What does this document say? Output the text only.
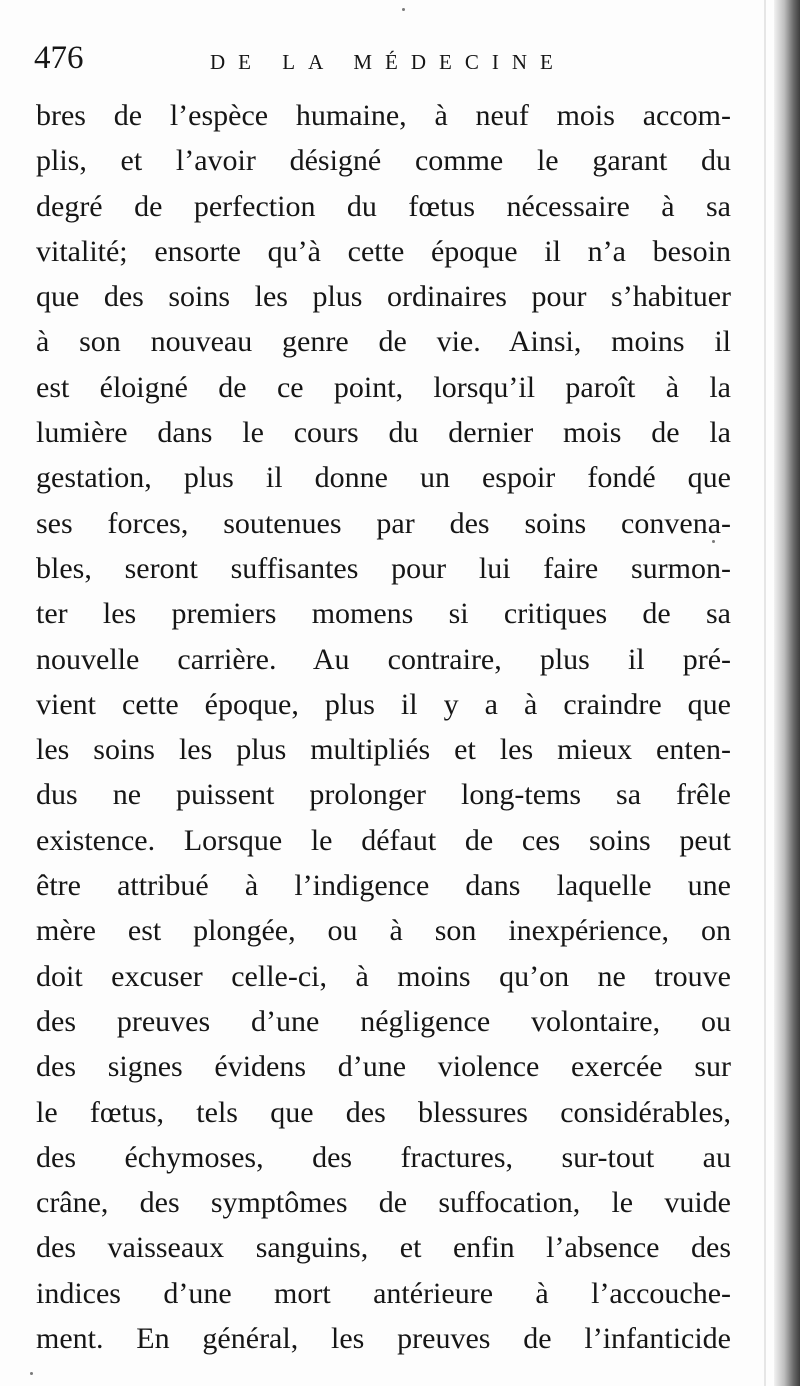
476	DE LA MÉDECINE
bres de l’espèce humaine, à neuf mois accom-
plis, et l’avoir désigné comme le garant du
degré de perfection du fœtus nécessaire à sa
vitalité; ensorte qu’à cette époque il n’a besoin
que des soins les plus ordinaires pour s’habituer
à son nouveau genre de vie. Ainsi, moins il
est éloigné de ce point, lorsqu’il paroît à la
lumière dans le cours du dernier mois de la
gestation, plus il donne un espoir fondé que
ses forces, soutenues par des soins convena-
bles, seront suffisantes pour lui faire surmon-
ter les premiers momens si critiques de sa
nouvelle carrière. Au contraire, plus il pré-
vient cette époque, plus il y a à craindre que
les soins les plus multipliés et les mieux enten-
dus ne puissent prolonger long-tems sa frêle
existence. Lorsque le défaut de ces soins peut
être attribué à l’indigence dans laquelle une
mère est plongée, ou à son inexpérience, on
doit excuser celle-ci, à moins qu’on ne trouve
des preuves d’une négligence volontaire, ou
des signes évidens d’une violence exercée sur
le fœtus, tels que des blessures considérables,
des échymoses, des fractures, sur-tout au
crâne, des symptômes de suffocation, le vuide
des vaisseaux sanguins, et enfin l’absence des
indices d’une mort antérieure à l’accouche-
ment. En général, les preuves de l’infanticide
